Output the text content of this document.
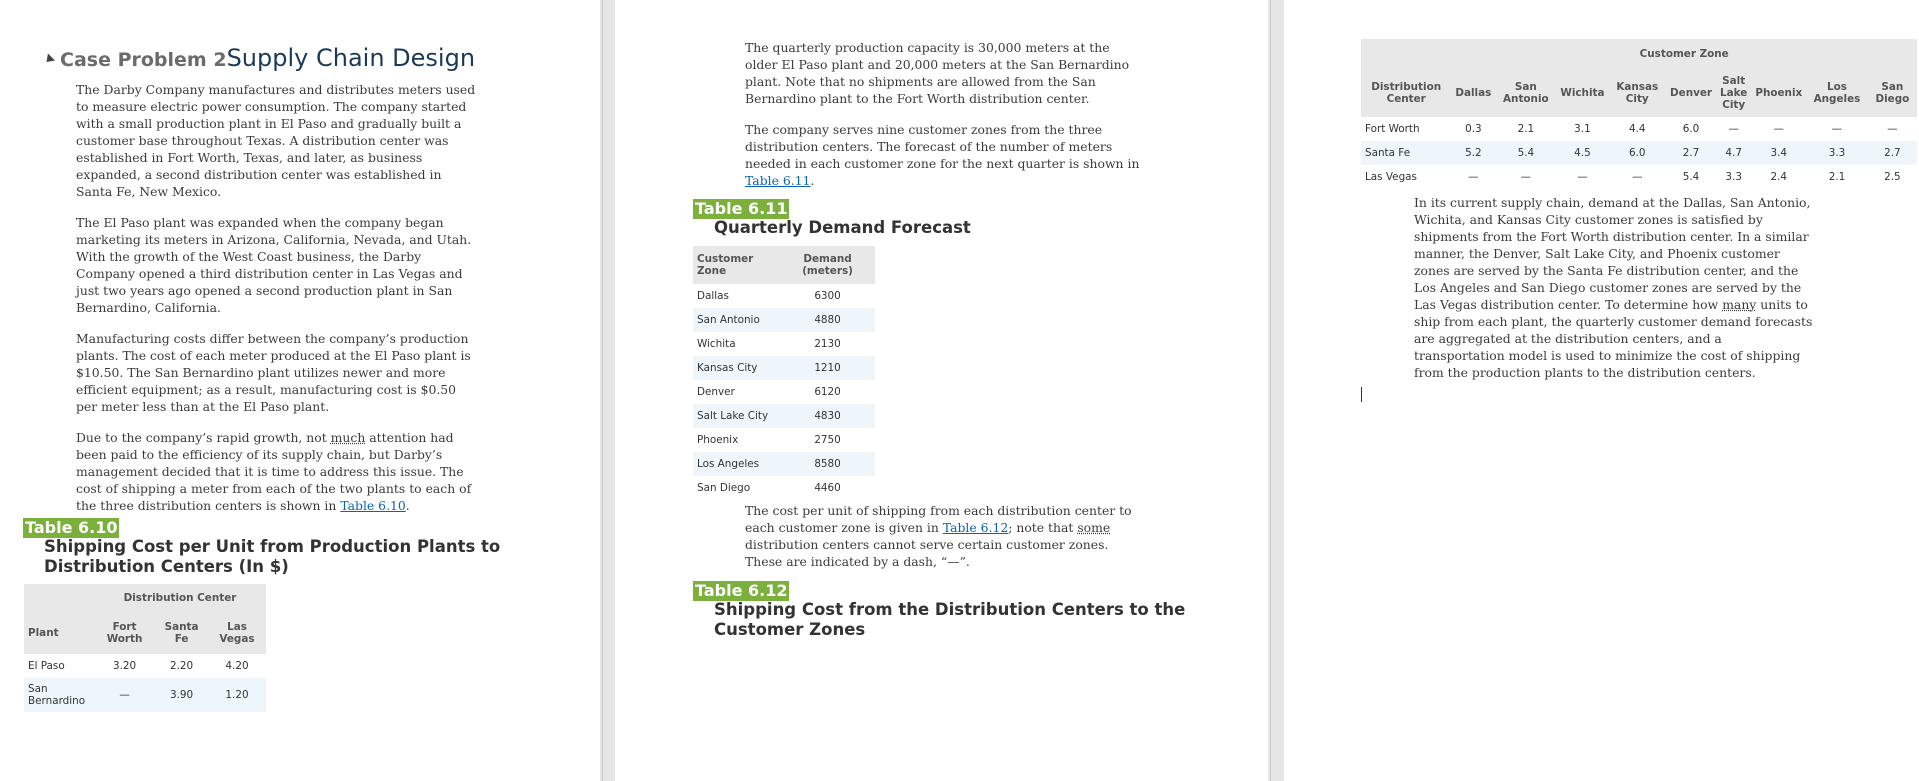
Case Problem 2Supply Chain Design

The Darby Company manufactures and distributes meters used to measure electric power consumption. The company started with a small production plant in El Paso and gradually built a customer base throughout Texas. A distribution center was established in Fort Worth, Texas, and later, as business expanded, a second distribution center was established in Santa Fe, New Mexico.

The El Paso plant was expanded when the company began marketing its meters in Arizona, California, Nevada, and Utah. With the growth of the West Coast business, the Darby Company opened a third distribution center in Las Vegas and just two years ago opened a second production plant in San Bernardino, California.

Manufacturing costs differ between the company’s production plants. The cost of each meter produced at the El Paso plant is $10.50. The San Bernardino plant utilizes newer and more efficient equipment; as a result, manufacturing cost is $0.50 per meter less than at the El Paso plant.

Due to the company’s rapid growth, not much attention had been paid to the efficiency of its supply chain, but Darby’s management decided that it is time to address this issue. The cost of shipping a meter from each of the two plants to each of the three distribution centers is shown in Table 6.10.

Table 6.10
Shipping Cost per Unit from Production Plants to
Distribution Centers (In $)
	Distribution Center		
Plant	Fort Worth	Santa Fe	Las Vegas
El Paso	3.20	2.20	4.20
San Bernardino	—	3.90	1.20

The quarterly production capacity is 30,000 meters at the older El Paso plant and 20,000 meters at the San Bernardino plant. Note that no shipments are allowed from the San Bernardino plant to the Fort Worth distribution center.

The company serves nine customer zones from the three distribution centers. The forecast of the number of meters needed in each customer zone for the next quarter is shown in Table 6.11.

Table 6.11
Quarterly Demand Forecast
Customer Zone	Demand (meters)
Dallas	6300
San Antonio	4880
Wichita	2130
Kansas City	1210
Denver	6120
Salt Lake City	4830
Phoenix	2750
Los Angeles	8580
San Diego	4460

The cost per unit of shipping from each distribution center to each customer zone is given in Table 6.12; note that some distribution centers cannot serve certain customer zones. These are indicated by a dash, “—”.

Table 6.12
Shipping Cost from the Distribution Centers to the
Customer Zones
	Customer Zone								
Distribution Center	Dallas	San Antonio	Wichita	Kansas City	Denver	Salt Lake City	Phoenix	Los Angeles	San Diego
Fort Worth	0.3	2.1	3.1	4.4	6.0	—	—	—	—
Santa Fe	5.2	5.4	4.5	6.0	2.7	4.7	3.4	3.3	2.7
Las Vegas	—	—	—	—	5.4	3.3	2.4	2.1	2.5

In its current supply chain, demand at the Dallas, San Antonio, Wichita, and Kansas City customer zones is satisfied by shipments from the Fort Worth distribution center. In a similar manner, the Denver, Salt Lake City, and Phoenix customer zones are served by the Santa Fe distribution center, and the Los Angeles and San Diego customer zones are served by the Las Vegas distribution center. To determine how many units to ship from each plant, the quarterly customer demand forecasts are aggregated at the distribution centers, and a transportation model is used to minimize the cost of shipping from the production plants to the distribution centers.
